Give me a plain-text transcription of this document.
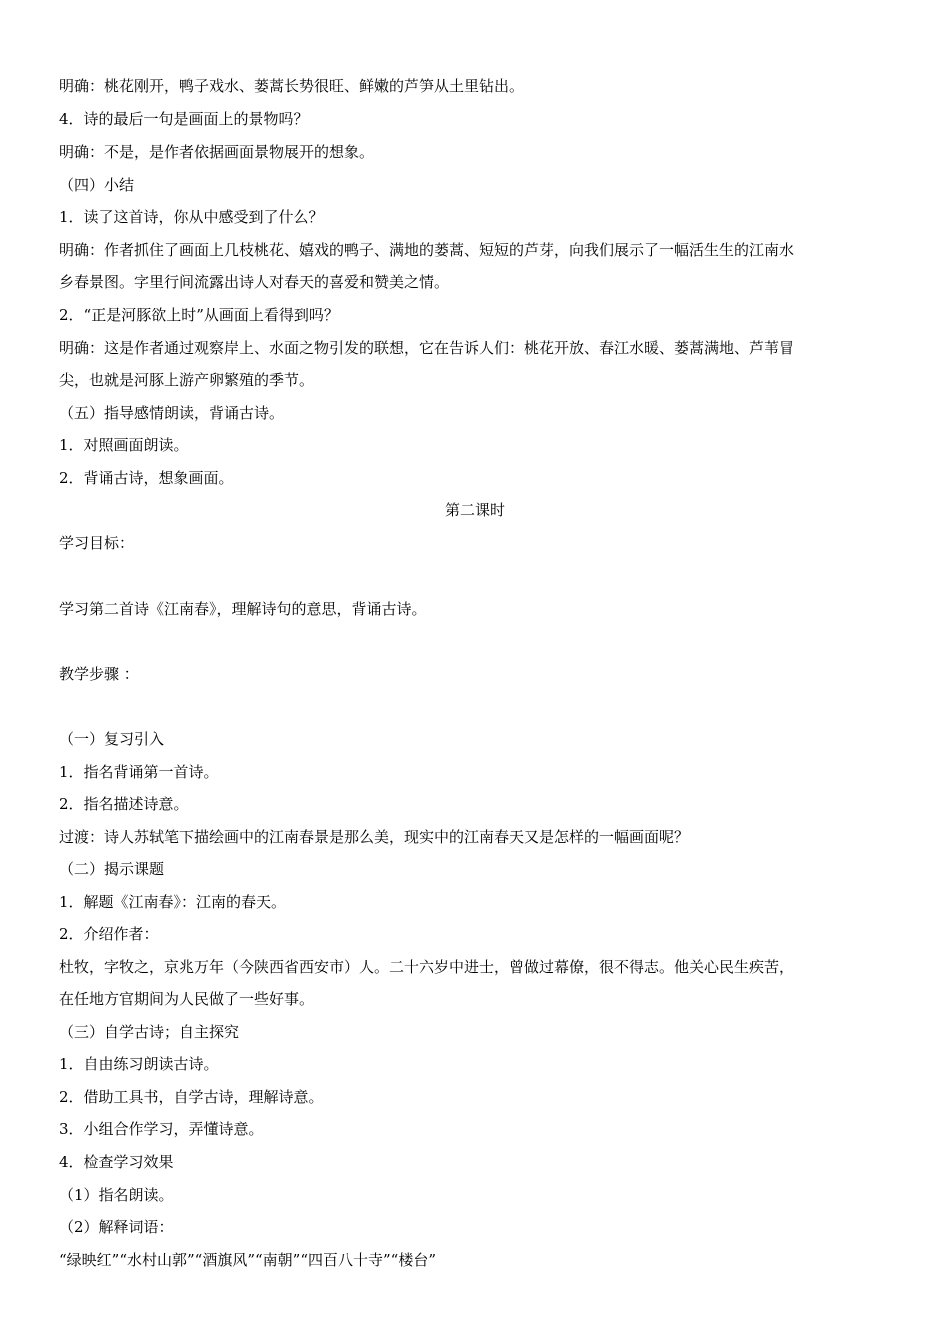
明确：桃花刚开，鸭子戏水、蒌蒿长势很旺、鲜嫩的芦笋从土里钻出。
4．诗的最后一句是画面上的景物吗？
明确：不是，是作者依据画面景物展开的想象。
（四）小结
1．读了这首诗，你从中感受到了什么？
明确：作者抓住了画面上几枝桃花、嬉戏的鸭子、满地的蒌蒿、短短的芦芽，向我们展示了一幅活生生的江南水
乡春景图。字里行间流露出诗人对春天的喜爱和赞美之情。
2．“正是河豚欲上时”从画面上看得到吗？
明确：这是作者通过观察岸上、水面之物引发的联想，它在告诉人们：桃花开放、春江水暖、蒌蒿满地、芦苇冒
尖，也就是河豚上游产卵繁殖的季节。
（五）指导感情朗读，背诵古诗。
1．对照画面朗读。
2．背诵古诗，想象画面。
第二课时
学习目标：
学习第二首诗《江南春》，理解诗句的意思，背诵古诗。
教学步骤 ：
（一）复习引入
1．指名背诵第一首诗。
2．指名描述诗意。
过渡：诗人苏轼笔下描绘画中的江南春景是那么美，现实中的江南春天又是怎样的一幅画面呢？
（二）揭示课题
1．解题《江南春》：江南的春天。
2．介绍作者：
杜牧，字牧之，京兆万年（今陕西省西安市）人。二十六岁中进士，曾做过幕僚，很不得志。他关心民生疾苦，
在任地方官期间为人民做了一些好事。
（三）自学古诗；自主探究
1．自由练习朗读古诗。
2．借助工具书，自学古诗，理解诗意。
3．小组合作学习，弄懂诗意。
4．检查学习效果
（1）指名朗读。
（2）解释词语：
“绿映红”“水村山郭”“酒旗风”“南朝”“四百八十寺”“楼台”
